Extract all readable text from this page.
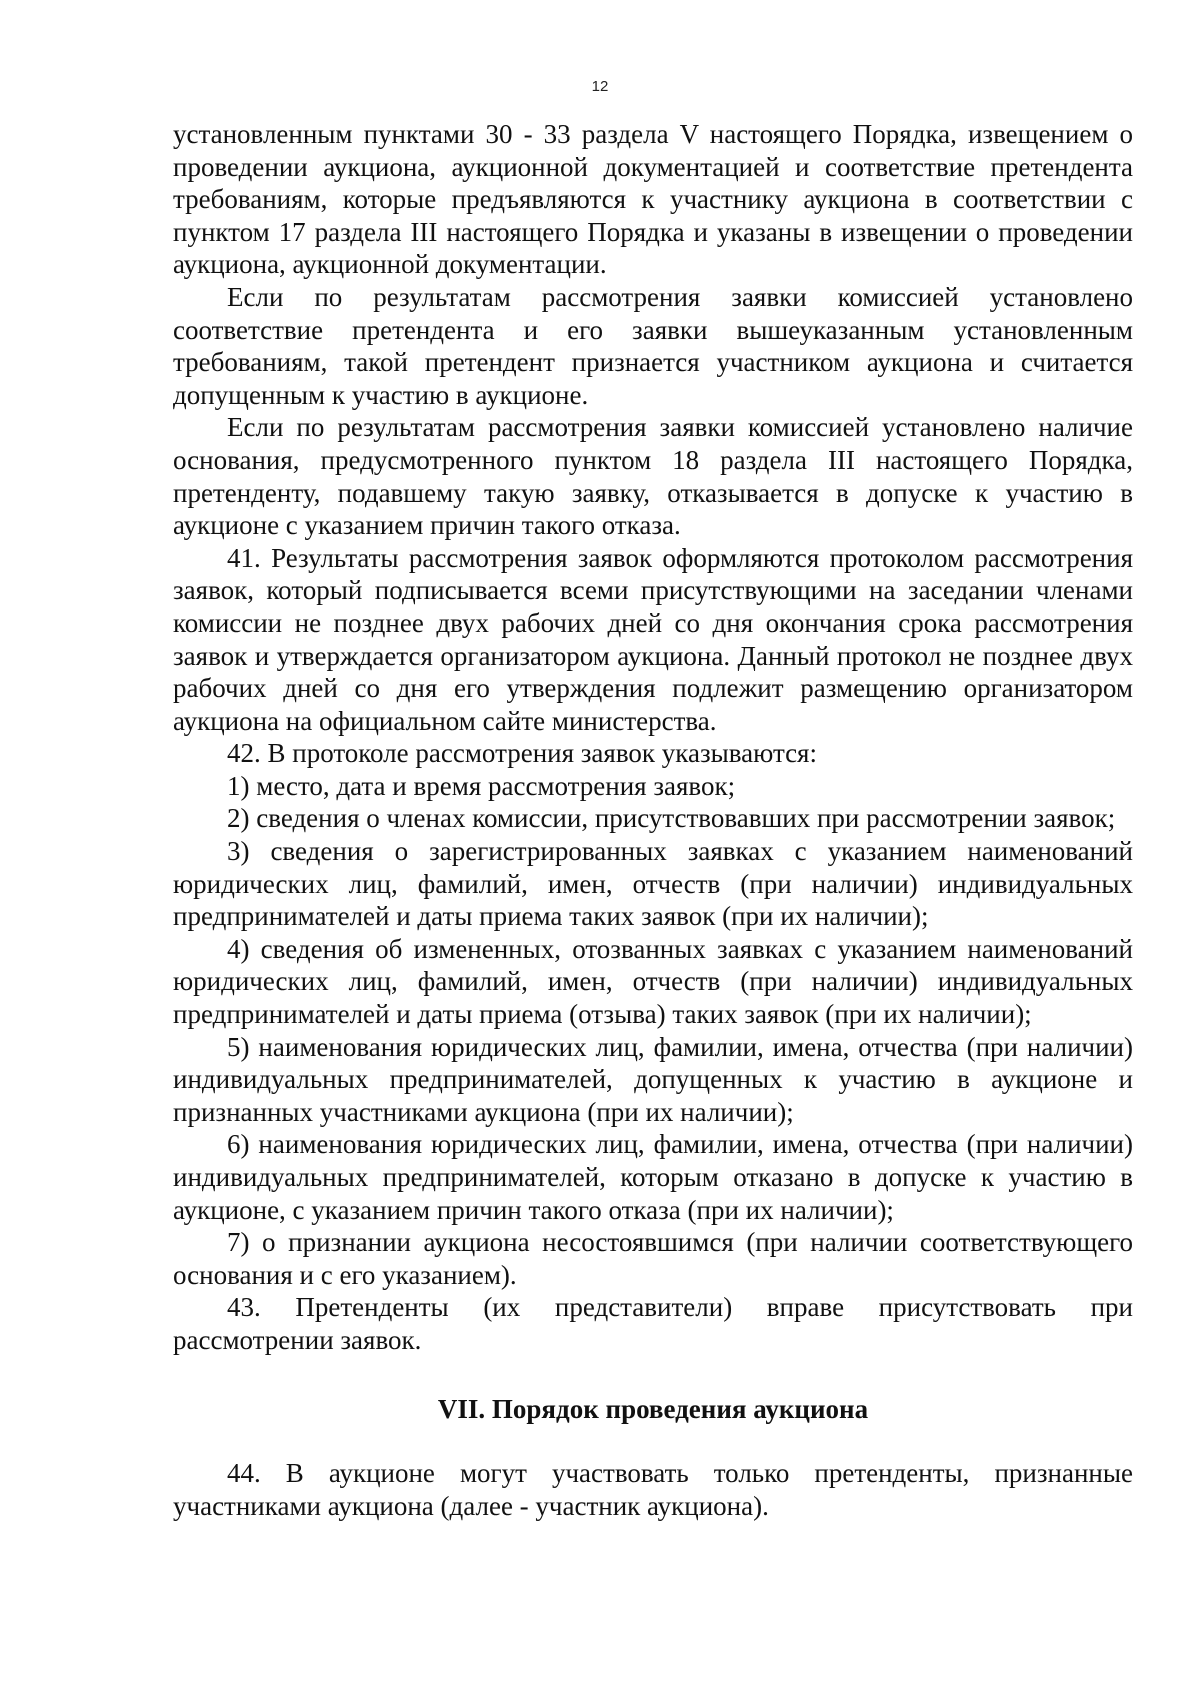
12

установленным пунктами 30 - 33 раздела V настоящего Порядка, извещением о проведении аукциона, аукционной документацией и соответствие претендента требованиям, которые предъявляются к участнику аукциона в соответствии с пунктом 17 раздела III настоящего Порядка и указаны в извещении о проведении аукциона, аукционной документации.

Если по результатам рассмотрения заявки комиссией установлено соответствие претендента и его заявки вышеуказанным установленным требованиям, такой претендент признается участником аукциона и считается допущенным к участию в аукционе.

Если по результатам рассмотрения заявки комиссией установлено наличие основания, предусмотренного пунктом 18 раздела III настоящего Порядка, претенденту, подавшему такую заявку, отказывается в допуске к участию в аукционе с указанием причин такого отказа.

41. Результаты рассмотрения заявок оформляются протоколом рассмотрения заявок, который подписывается всеми присутствующими на заседании членами комиссии не позднее двух рабочих дней со дня окончания срока рассмотрения заявок и утверждается организатором аукциона. Данный протокол не позднее двух рабочих дней со дня его утверждения подлежит размещению организатором аукциона на официальном сайте министерства.

42. В протоколе рассмотрения заявок указываются:

1) место, дата и время рассмотрения заявок;

2) сведения о членах комиссии, присутствовавших при рассмотрении заявок;

3) сведения о зарегистрированных заявках с указанием наименований юридических лиц, фамилий, имен, отчеств (при наличии) индивидуальных предпринимателей и даты приема таких заявок (при их наличии);

4) сведения об измененных, отозванных заявках с указанием наименований юридических лиц, фамилий, имен, отчеств (при наличии) индивидуальных предпринимателей и даты приема (отзыва) таких заявок (при их наличии);

5) наименования юридических лиц, фамилии, имена, отчества (при наличии) индивидуальных предпринимателей, допущенных к участию в аукционе и признанных участниками аукциона (при их наличии);

6) наименования юридических лиц, фамилии, имена, отчества (при наличии) индивидуальных предпринимателей, которым отказано в допуске к участию в аукционе, с указанием причин такого отказа (при их наличии);

7) о признании аукциона несостоявшимся (при наличии соответствующего основания и с его указанием).

43. Претенденты (их представители) вправе присутствовать при рассмотрении заявок.

VII. Порядок проведения аукциона

44. В аукционе могут участвовать только претенденты, признанные участниками аукциона (далее - участник аукциона).
